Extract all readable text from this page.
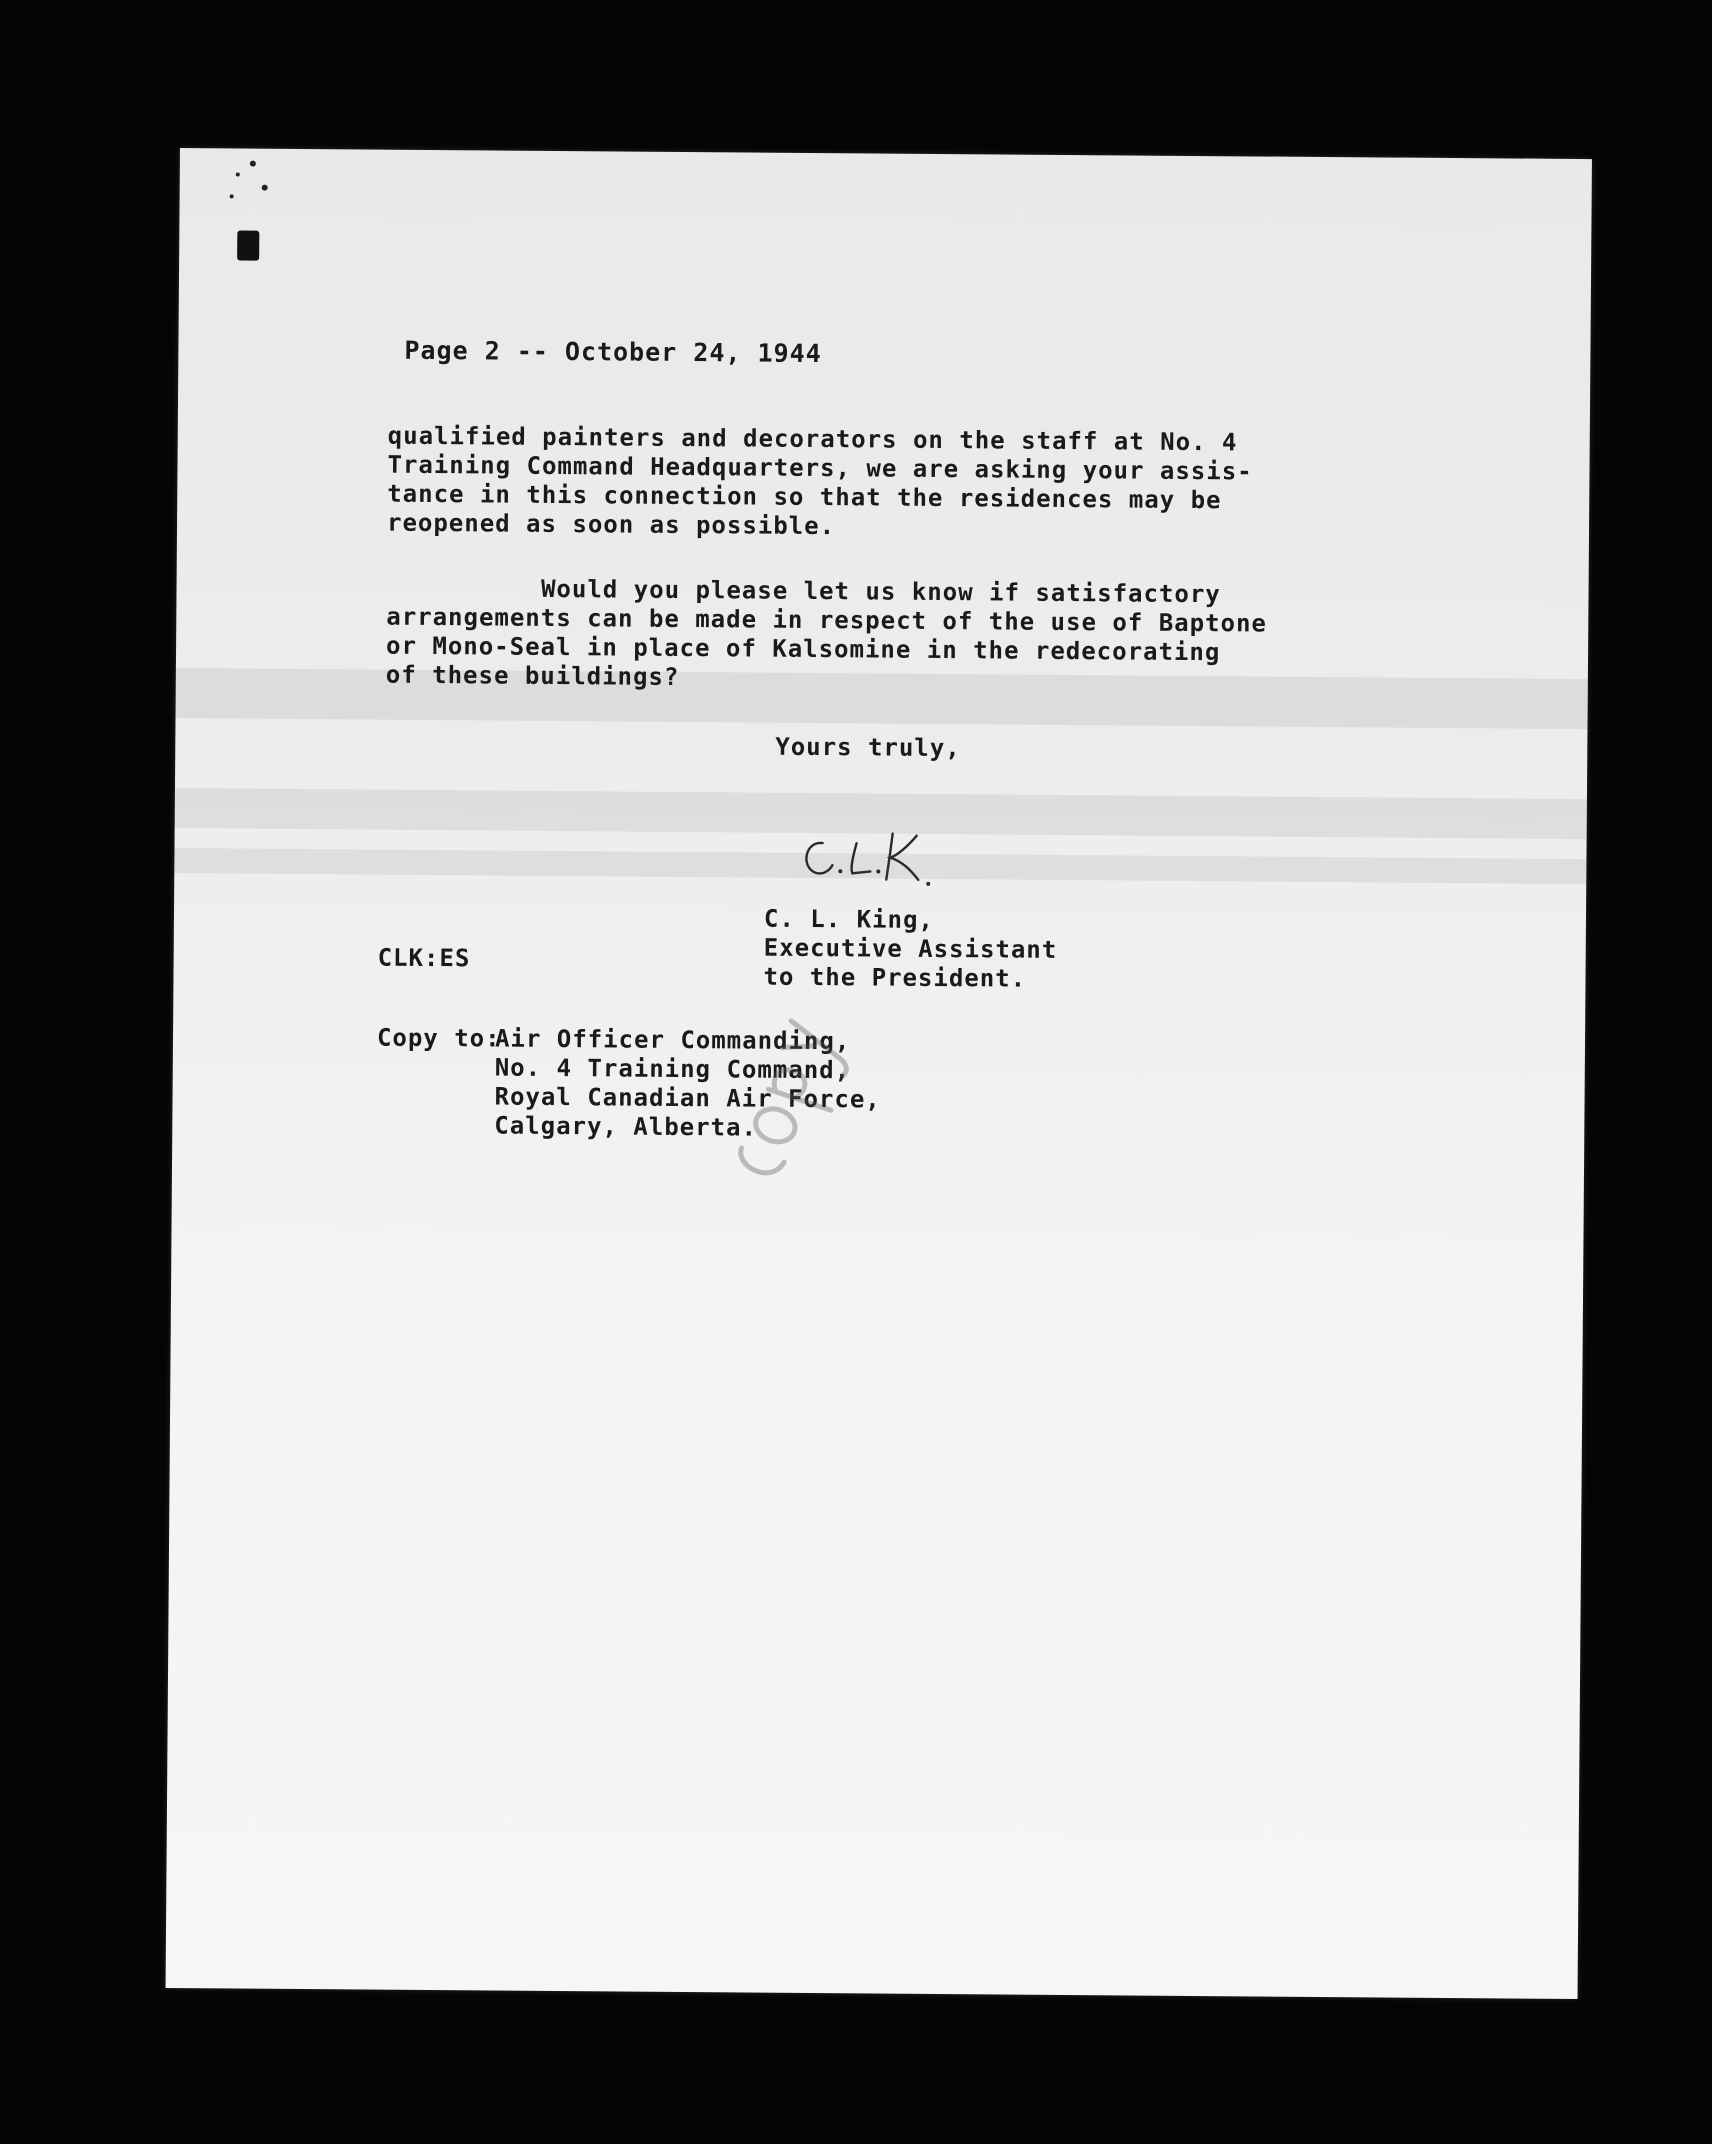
Page 2 -- October 24, 1944
qualified painters and decorators on the staff at No. 4
Training Command Headquarters, we are asking your assis-
tance in this connection so that the residences may be
reopened as soon as possible.
Would you please let us know if satisfactory
arrangements can be made in respect of the use of Baptone
or Mono-Seal in place of Kalsomine in the redecorating
of these buildings?
Yours truly,
C. L. King,
Executive Assistant
to the President.
CLK:ES
Copy to:
Air Officer Commanding,
No. 4 Training Command,
Royal Canadian Air Force,
Calgary, Alberta.
